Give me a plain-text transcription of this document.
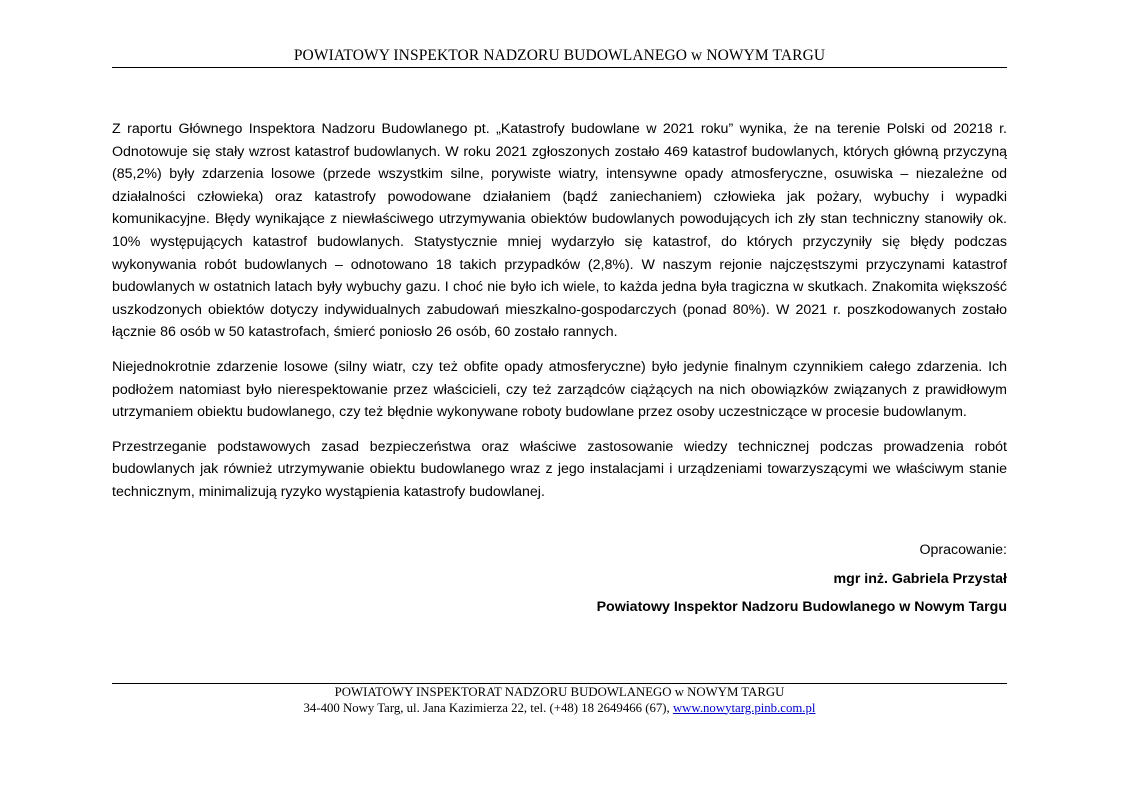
POWIATOWY INSPEKTOR NADZORU BUDOWLANEGO w NOWYM TARGU

Z raportu Głównego Inspektora Nadzoru Budowlanego pt. „Katastrofy budowlane w 2021 roku” wynika, że na terenie Polski od 20218 r. Odnotowuje się stały wzrost katastrof budowlanych. W roku 2021 zgłoszonych zostało 469 katastrof budowlanych, których główną przyczyną (85,2%) były zdarzenia losowe (przede wszystkim silne, porywiste wiatry, intensywne opady atmosferyczne, osuwiska – niezależne od działalności człowieka) oraz katastrofy powodowane działaniem (bądź zaniechaniem) człowieka jak pożary, wybuchy i wypadki komunikacyjne. Błędy wynikające z niewłaściwego utrzymywania obiektów budowlanych powodujących ich zły stan techniczny stanowiły ok. 10% występujących katastrof budowlanych. Statystycznie mniej wydarzyło się katastrof, do których przyczyniły się błędy podczas wykonywania robót budowlanych – odnotowano 18 takich przypadków (2,8%). W naszym rejonie najczęstszymi przyczynami katastrof budowlanych w ostatnich latach były wybuchy gazu. I choć nie było ich wiele, to każda jedna była tragiczna w skutkach. Znakomita większość uszkodzonych obiektów dotyczy indywidualnych zabudowań mieszkalno-gospodarczych (ponad 80%). W 2021 r. poszkodowanych zostało łącznie 86 osób w 50 katastrofach, śmierć poniosło 26 osób, 60 zostało rannych.

Niejednokrotnie zdarzenie losowe (silny wiatr, czy też obfite opady atmosferyczne) było jedynie finalnym czynnikiem całego zdarzenia. Ich podłożem natomiast było nierespektowanie przez właścicieli, czy też zarządców ciążących na nich obowiązków związanych z prawidłowym utrzymaniem obiektu budowlanego, czy też błędnie wykonywane roboty budowlane przez osoby uczestniczące w procesie budowlanym.

Przestrzeganie podstawowych zasad bezpieczeństwa oraz właściwe zastosowanie wiedzy technicznej podczas prowadzenia robót budowlanych jak również utrzymywanie obiektu budowlanego wraz z jego instalacjami i urządzeniami towarzyszącymi we właściwym stanie technicznym, minimalizują ryzyko wystąpienia katastrofy budowlanej.

Opracowanie:
mgr inż. Gabriela Przystał
Powiatowy Inspektor Nadzoru Budowlanego w Nowym Targu
POWIATOWY INSPEKTORAT NADZORU BUDOWLANEGO w NOWYM TARGU
34-400 Nowy Targ, ul. Jana Kazimierza 22, tel. (+48) 18 2649466 (67), www.nowytarg.pinb.com.pl
